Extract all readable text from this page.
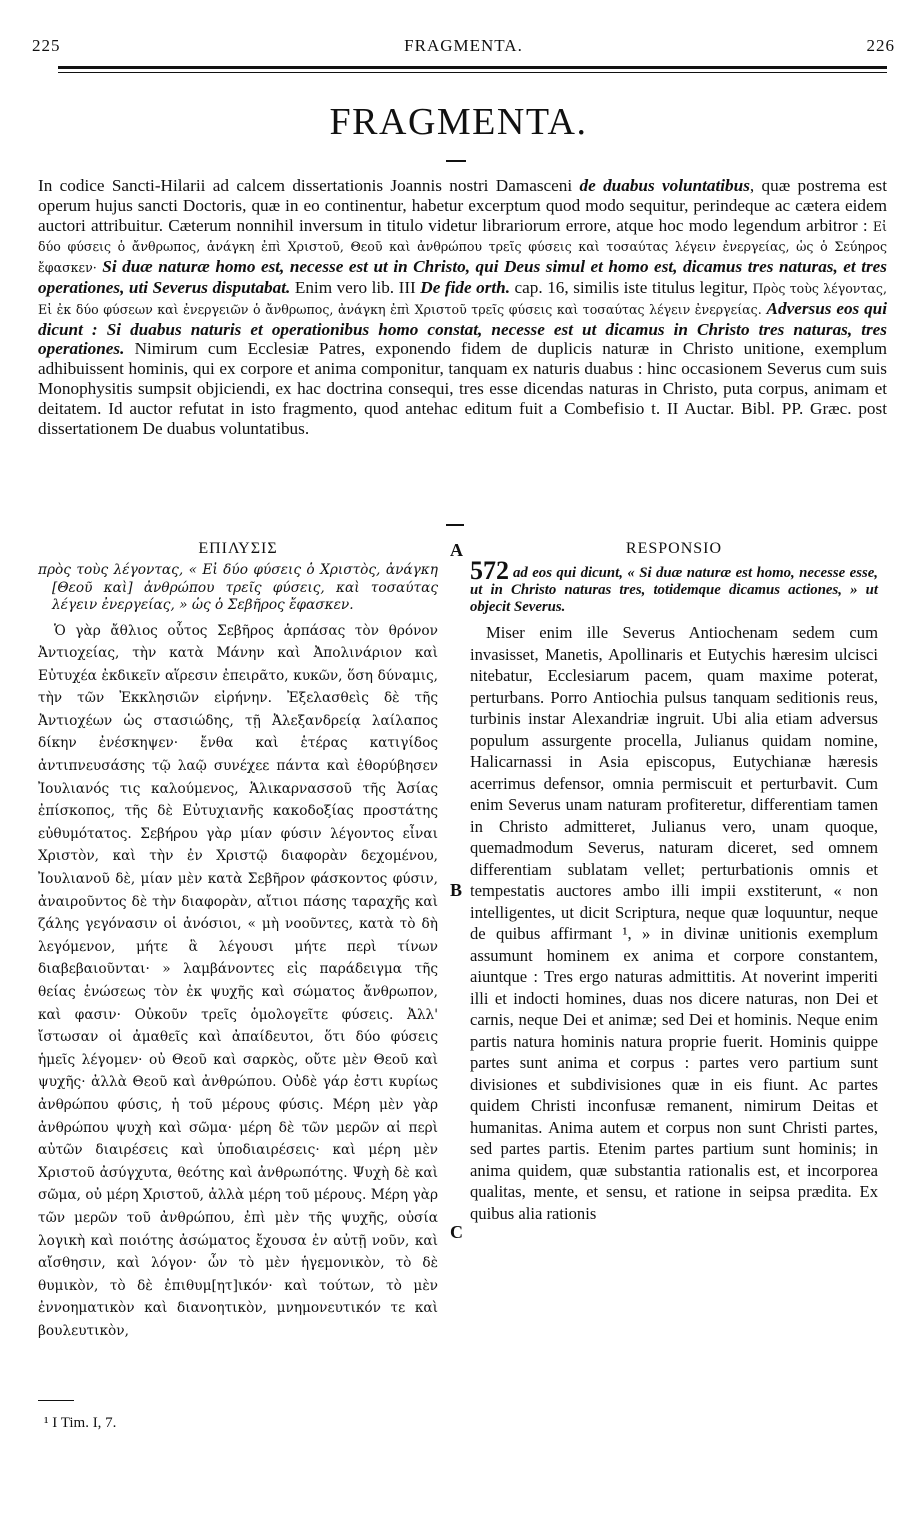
225	FRAGMENTA.	226
FRAGMENTA.
In codice Sancti-Hilarii ad calcem dissertationis Joannis nostri Damasceni de duabus voluntatibus, quæ postrema est operum hujus sancti Doctoris, quæ in eo continentur, habetur excerptum quod modo sequitur, perindeque ac cætera eidem auctori attribuitur. Cæterum nonnihil inversum in titulo videtur librariorum errore, atque hoc modo legendum arbitror : Εἰ δύο φύσεις ὁ ἄνθρωπος, ἀνάγκη ἐπὶ Χριστοῦ, Θεοῦ καὶ ἀνθρώπου τρεῖς φύσεις καὶ τοσαύτας λέγειν ἐνεργείας, ὡς ὁ Σεύηρος ἔφασκεν· Si duæ naturæ homo est, necesse est ut in Christo, qui Deus simul et homo est, dicamus tres naturas, et tres operationes, uti Severus disputabat. Enim vero lib. III De fide orth. cap. 16, similis iste titulus legitur, Πρὸς τοὺς λέγοντας, Εἰ ἐκ δύο φύσεων καὶ ἐνεργειῶν ὁ ἄνθρωπος, ἀνάγκη ἐπὶ Χριστοῦ τρεῖς φύσεις καὶ τοσαύτας λέγειν ἐνεργείας. Adversus eos qui dicunt : Si duabus naturis et operationibus homo constat, necesse est ut dicamus in Christo tres naturas, tres operationes. Nimirum cum Ecclesiæ Patres, exponendo fidem de duplicis naturæ in Christo unitione, exemplum adhibuissent hominis, qui ex corpore et anima componitur, tanquam ex naturis duabus : hinc occasionem Severus cum suis Monophysitis sumpsit objiciendi, ex hac doctrina consequi, tres esse dicendas naturas in Christo, puta corpus, animam et deitatem. Id auctor refutat in isto fragmento, quod antehac editum fuit a Combefisio t. II Auctar. Bibl. PP. Græc. post dissertationem De duabus voluntatibus.
ΕΠΙΛΥΣΙΣ	RESPONSIO
A
B
C
πρὸς τοὺς λέγοντας, « Εἰ δύο φύσεις ὁ Χριστὸς, ἀνάγκη [Θεοῦ καὶ] ἀνθρώπου τρεῖς φύσεις, καὶ τοσαύτας λέγειν ἐνεργείας, » ὡς ὁ Σεβῆρος ἔφασκεν.
Ὁ γὰρ ἄθλιος οὗτος Σεβῆρος ἁρπάσας τὸν θρόνον Ἀντιοχείας, τὴν κατὰ Μάνην καὶ Ἀπολινάριον καὶ Εὐτυχέα ἐκδικεῖν αἵρεσιν ἐπειρᾶτο, κυκῶν, ὅση δύναμις, τὴν τῶν Ἐκκλησιῶν εἰρήνην. Ἐξελασθεὶς δὲ τῆς Ἀντιοχέων ὡς στασιώδης, τῇ Ἀλεξανδρείᾳ λαίλαπος δίκην ἐνέσκηψεν· ἔνθα καὶ ἑτέρας κατιγίδος ἀντιπνευσάσης τῷ λαῷ συνέχεε πάντα καὶ ἐθορύβησεν Ἰουλιανός τις καλούμενος, Ἁλικαρνασσοῦ τῆς Ἀσίας ἐπίσκοπος, τῆς δὲ Εὐτυχιανῆς κακοδοξίας προστάτης εὐθυμότατος. Σεβήρου γὰρ μίαν φύσιν λέγοντος εἶναι Χριστὸν, καὶ τὴν ἐν Χριστῷ διαφορὰν δεχομένου, Ἰουλιανοῦ δὲ, μίαν μὲν κατὰ Σεβῆρον φάσκοντος φύσιν, ἀναιροῦντος δὲ τὴν διαφορὰν, αἴτιοι πάσης ταραχῆς καὶ ζάλης γεγόνασιν οἱ ἀνόσιοι, « μὴ νοοῦντες, κατὰ τὸ δὴ λεγόμενον, μήτε ἃ λέγουσι μήτε περὶ τίνων διαβεβαιοῦνται· » λαμβάνοντες εἰς παράδειγμα τῆς θείας ἑνώσεως τὸν ἐκ ψυχῆς καὶ σώματος ἄνθρωπον, καὶ φασιν· Οὐκοῦν τρεῖς ὁμολογεῖτε φύσεις. Ἀλλ' ἴστωσαν οἱ ἀμαθεῖς καὶ ἀπαίδευτοι, ὅτι δύο φύσεις ἡμεῖς λέγομεν· οὐ Θεοῦ καὶ σαρκὸς, οὔτε μὲν Θεοῦ καὶ ψυχῆς· ἀλλὰ Θεοῦ καὶ ἀνθρώπου. Οὐδὲ γάρ ἐστι κυρίως ἀνθρώπου φύσις, ἡ τοῦ μέρους φύσις. Μέρη μὲν γὰρ ἀνθρώπου ψυχὴ καὶ σῶμα· μέρη δὲ τῶν μερῶν αἱ περὶ αὐτῶν διαιρέσεις καὶ ὑποδιαιρέσεις· καὶ μέρη μὲν Χριστοῦ ἀσύγχυτα, θεότης καὶ ἀνθρωπότης. Ψυχὴ δὲ καὶ σῶμα, οὐ μέρη Χριστοῦ, ἀλλὰ μέρη τοῦ μέρους. Μέρη γὰρ τῶν μερῶν τοῦ ἀνθρώπου, ἐπὶ μὲν τῆς ψυχῆς, οὐσία λογικὴ καὶ ποιότης ἀσώματος ἔχουσα ἐν αὐτῇ νοῦν, καὶ αἴσθησιν, καὶ λόγον· ὧν τὸ μὲν ἡγεμονικὸν, τὸ δὲ θυμικὸν, τὸ δὲ ἐπιθυμ[ητ]ικόν· καὶ τούτων, τὸ μὲν ἐννοηματικὸν καὶ διανοητικὸν, μνημονευτικόν τε καὶ βουλευτικὸν,
572 ad eos qui dicunt, « Si duæ naturæ est homo, necesse esse, ut in Christo naturas tres, totidemque dicamus actiones, » ut objecit Severus.
Miser enim ille Severus Antiochenam sedem cum invasisset, Manetis, Apollinaris et Eutychis hæresim ulcisci nitebatur, Ecclesiarum pacem, quam maxime poterat, perturbans. Porro Antiochia pulsus tanquam seditionis reus, turbinis instar Alexandriæ ingruit. Ubi alia etiam adversus populum assurgente procella, Julianus quidam nomine, Halicarnassi in Asia episcopus, Eutychianæ hæresis acerrimus defensor, omnia permiscuit et perturbavit. Cum enim Severus unam naturam profiteretur, differentiam tamen in Christo admitteret, Julianus vero, unam quoque, quemadmodum Severus, naturam diceret, sed omnem differentiam sublatam vellet; perturbationis omnis et tempestatis auctores ambo illi impii exstiterunt, « non intelligentes, ut dicit Scriptura, neque quæ loquuntur, neque de quibus affirmant ¹, » in divinæ unitionis exemplum assumunt hominem ex anima et corpore constantem, aiuntque : Tres ergo naturas admittitis. At noverint imperiti illi et indocti homines, duas nos dicere naturas, non Dei et carnis, neque Dei et animæ; sed Dei et hominis. Neque enim partis natura hominis natura proprie fuerit. Hominis quippe partes sunt anima et corpus : partes vero partium sunt divisiones et subdivisiones quæ in eis fiunt. Ac partes quidem Christi inconfusæ remanent, nimirum Deitas et humanitas. Anima autem et corpus non sunt Christi partes, sed partes partis. Etenim partes partium sunt hominis; in anima quidem, quæ substantia rationalis est, et incorporea qualitas, mente, et sensu, et ratione in seipsa prædita. Ex quibus alia rationis
¹ I Tim. I, 7.
